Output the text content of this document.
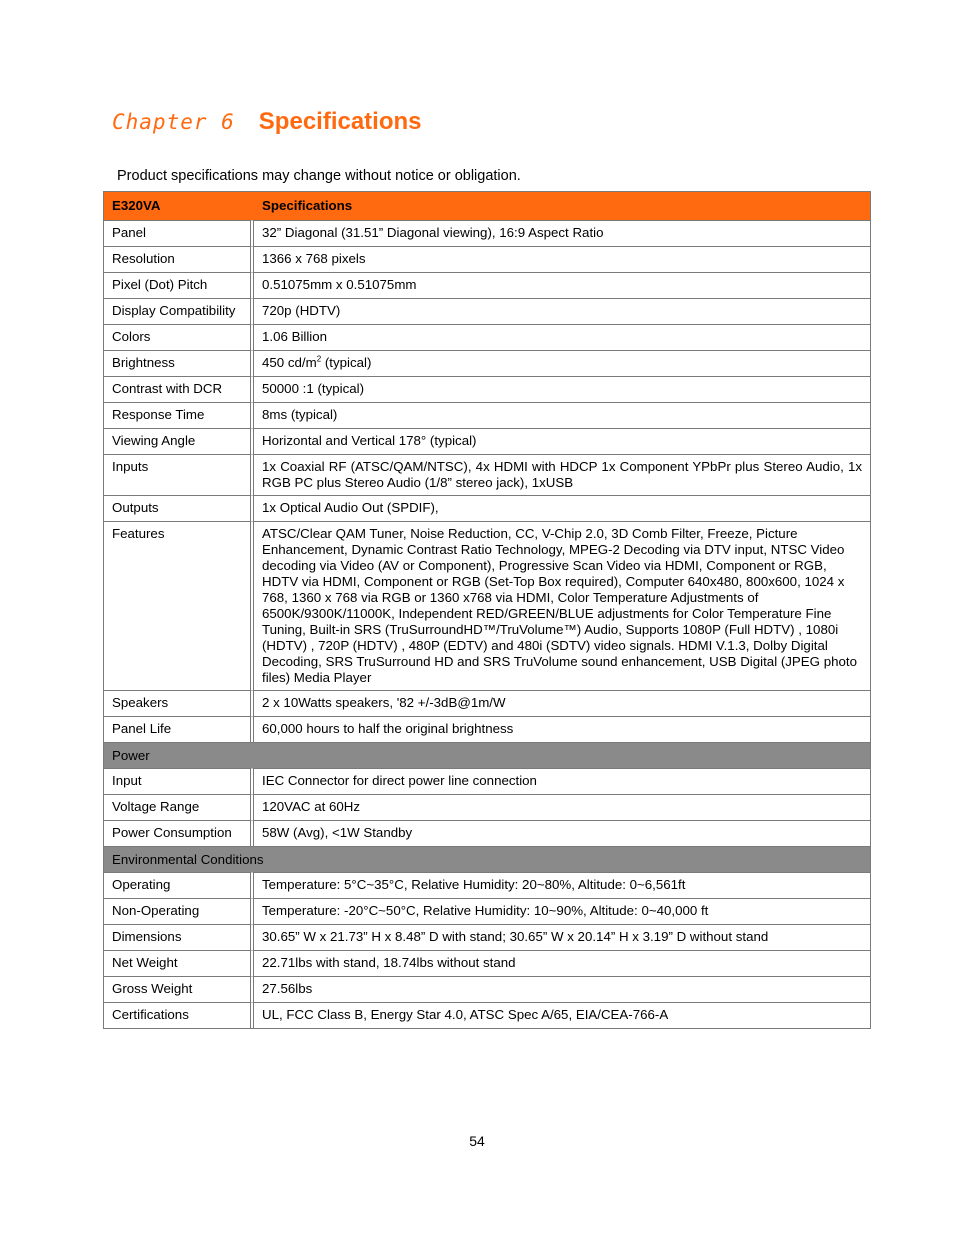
Chapter 6 Specifications
Product specifications may change without notice or obligation.
E320VA	Specifications
Panel	32” Diagonal (31.51” Diagonal viewing), 16:9 Aspect Ratio
Resolution	1366 x 768 pixels
Pixel (Dot) Pitch	0.51075mm x 0.51075mm
Display Compatibility	720p (HDTV)
Colors	1.06 Billion
Brightness	450 $cd/m^2$ (typical)
Contrast with DCR	50000 :1 (typical)
Response Time	8ms (typical)
Viewing Angle	Horizontal and Vertical 178° (typical)
Inputs	1x Coaxial RF (ATSC/QAM/NTSC), 4x HDMI with HDCP 1x Component YPbPr plus Stereo Audio, 1x RGB PC plus Stereo Audio (1/8” stereo jack), 1xUSB
Outputs	1x Optical Audio Out (SPDIF),
Features	ATSC/Clear QAM Tuner, Noise Reduction, CC, V-Chip 2.0, 3D Comb Filter, Freeze, Picture Enhancement, Dynamic Contrast Ratio Technology, MPEG-2 Decoding via DTV input, NTSC Video decoding via Video (AV or Component), Progressive Scan Video via HDMI, Component or RGB, HDTV via HDMI, Component or RGB (Set-Top Box required), Computer 640x480, 800x600, 1024 x 768, 1360 x 768 via RGB or 1360 x768 via HDMI, Color Temperature Adjustments of 6500K/9300K/11000K, Independent RED/GREEN/BLUE adjustments for Color Temperature Fine Tuning, Built-in SRS (TruSurroundHD™/TruVolume™) Audio, Supports 1080P (Full HDTV) , 1080i (HDTV) , 720P (HDTV) , 480P (EDTV) and 480i (SDTV) video signals. HDMI V.1.3, Dolby Digital Decoding, SRS TruSurround HD and SRS TruVolume sound enhancement, USB Digital (JPEG photo files) Media Player
Speakers	2 x 10Watts speakers, '82 +/-3dB@1m/W
Panel Life	60,000 hours to half the original brightness
Power	
Input	IEC Connector for direct power line connection
Voltage Range	120VAC at 60Hz
Power Consumption	58W (Avg), <1W Standby
Environmental Conditions	
Operating	Temperature: 5°C~35°C, Relative Humidity: 20~80%, Altitude: 0~6,561ft
Non-Operating	Temperature: -20°C~50°C, Relative Humidity: 10~90%, Altitude: 0~40,000 ft
Dimensions	30.65” W x 21.73” H x 8.48” D with stand; 30.65” W x 20.14” H x 3.19” D without stand
Net Weight	22.71lbs with stand, 18.74lbs without stand
Gross Weight	27.56lbs
Certifications	UL, FCC Class B, Energy Star 4.0, ATSC Spec A/65, EIA/CEA-766-A
54
